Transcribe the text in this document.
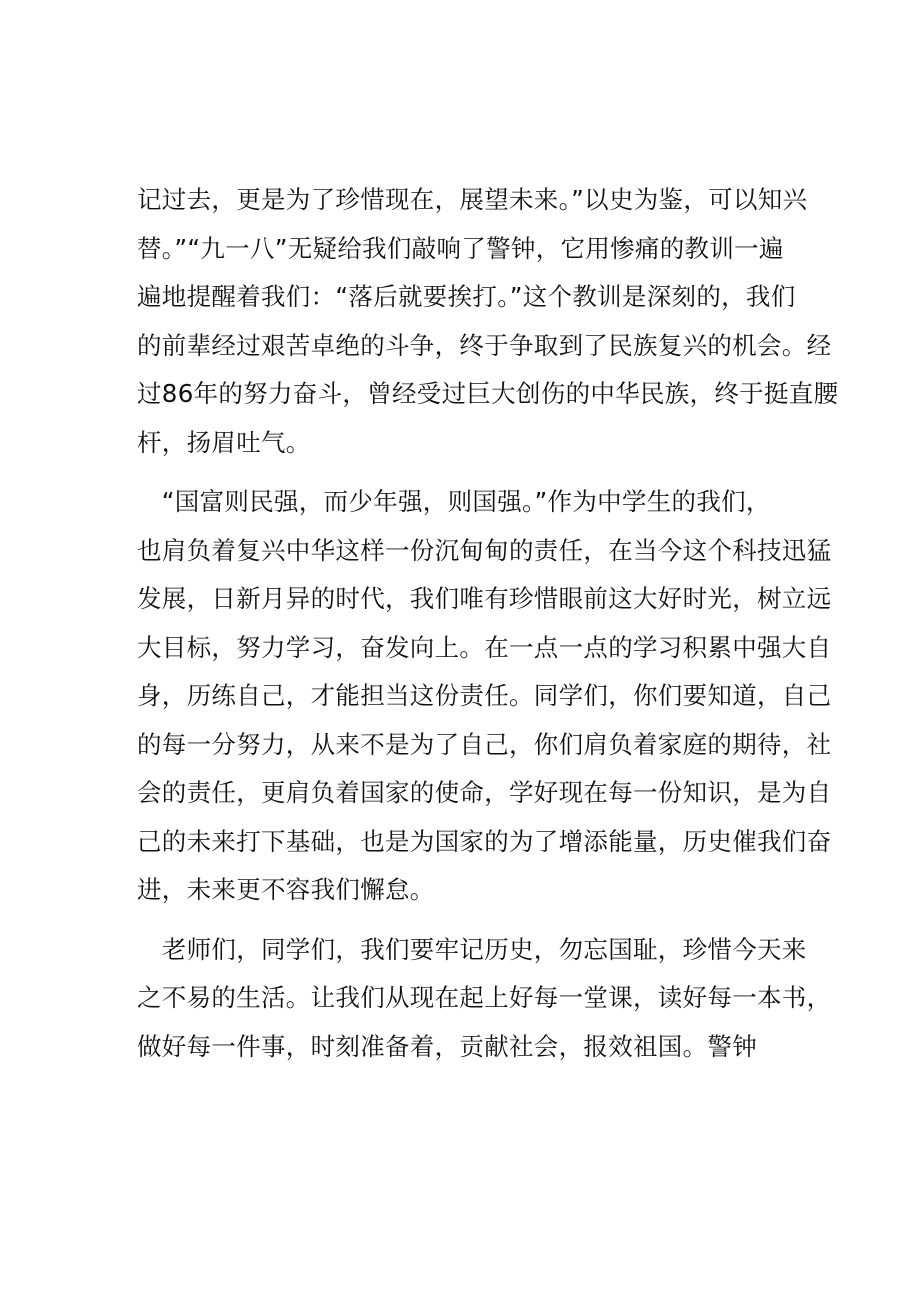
记过去，更是为了珍惜现在，展望未来。”以史为鉴，可以知兴
替。”“九一八”无疑给我们敲响了警钟，它用惨痛的教训一遍
遍地提醒着我们：“落后就要挨打。”这个教训是深刻的，我们
的前辈经过艰苦卓绝的斗争，终于争取到了民族复兴的机会。经
过86年的努力奋斗，曾经受过巨大创伤的中华民族，终于挺直腰
杆，扬眉吐气。
　“国富则民强，而少年强，则国强。”作为中学生的我们，
也肩负着复兴中华这样一份沉甸甸的责任，在当今这个科技迅猛
发展，日新月异的时代，我们唯有珍惜眼前这大好时光，树立远
大目标，努力学习，奋发向上。在一点一点的学习积累中强大自
身，历练自己，才能担当这份责任。同学们，你们要知道，自己
的每一分努力，从来不是为了自己，你们肩负着家庭的期待，社
会的责任，更肩负着国家的使命，学好现在每一份知识，是为自
己的未来打下基础，也是为国家的为了增添能量，历史催我们奋
进，未来更不容我们懈怠。
　老师们，同学们，我们要牢记历史，勿忘国耻，珍惜今天来
之不易的生活。让我们从现在起上好每一堂课，读好每一本书，
做好每一件事，时刻准备着，贡献社会，报效祖国。警钟
